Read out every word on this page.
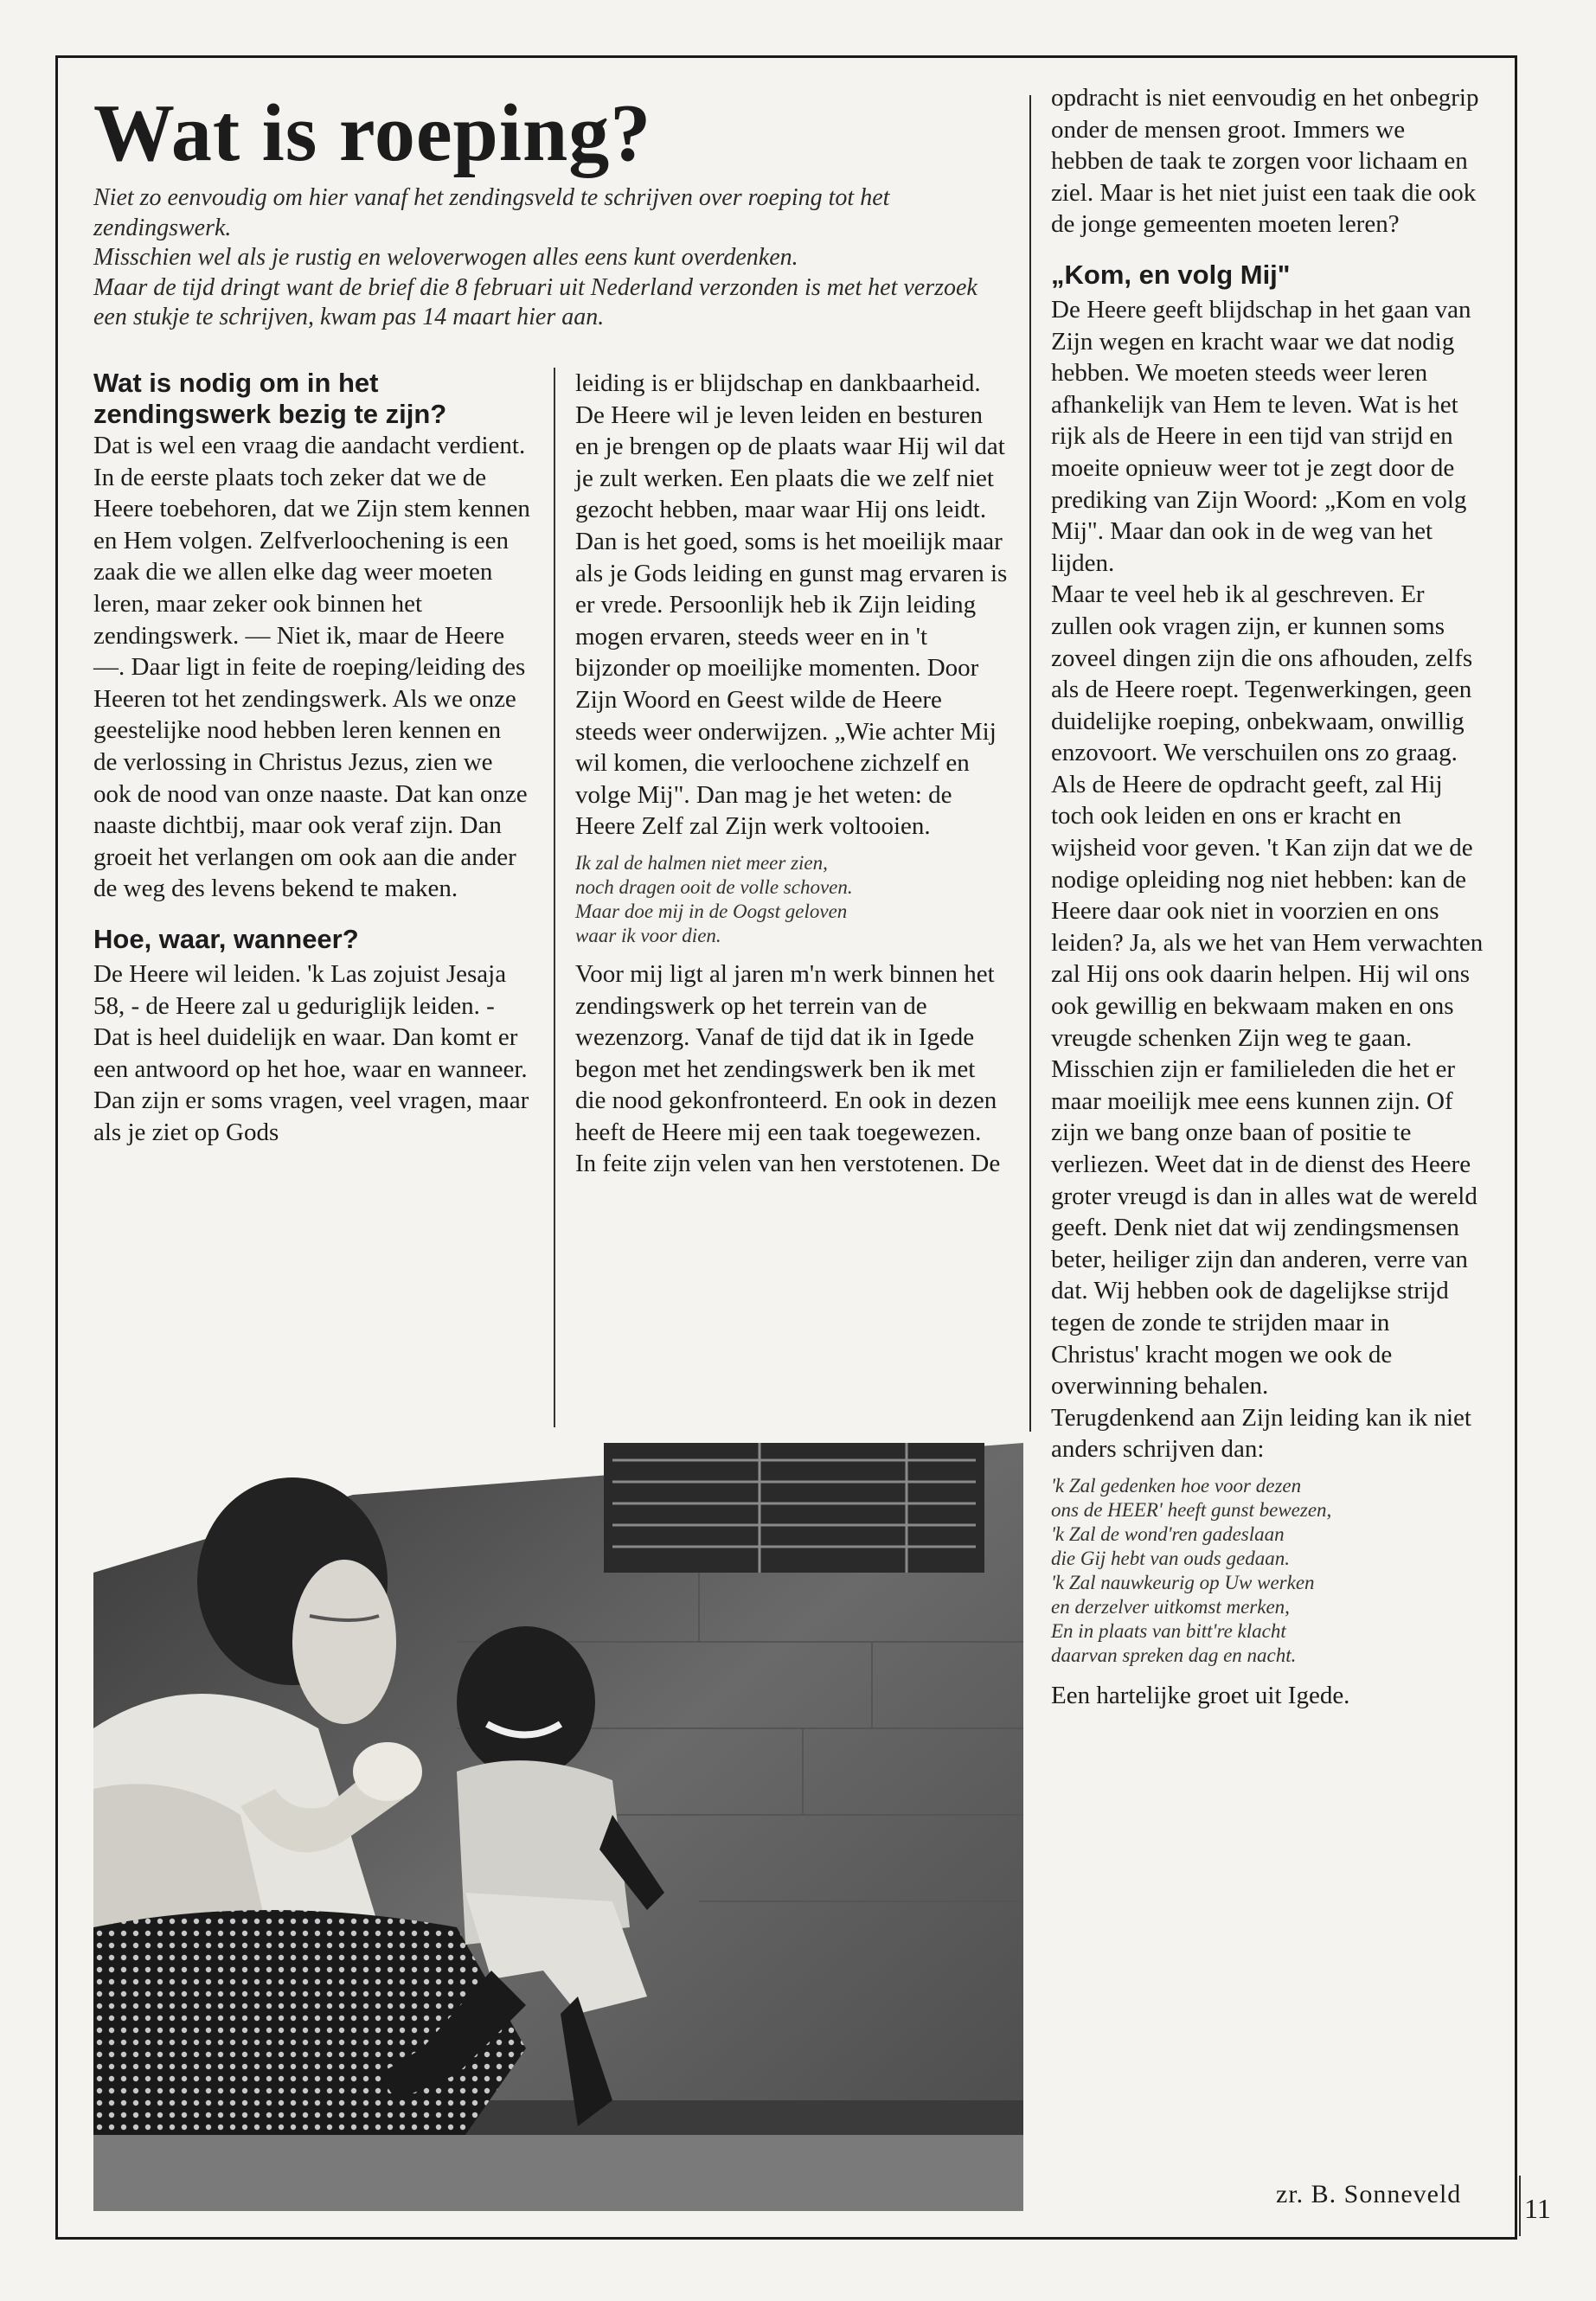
Wat is roeping?

Niet zo eenvoudig om hier vanaf het zendingsveld te schrijven over roeping tot het zendingswerk.

Misschien wel als je rustig en weloverwogen alles eens kunt overdenken.

Maar de tijd dringt want de brief die 8 februari uit Nederland verzonden is met het verzoek een stukje te schrijven, kwam pas 14 maart hier aan.

Wat is nodig om in het zendingswerk bezig te zijn?

Dat is wel een vraag die aandacht verdient. In de eerste plaats toch zeker dat we de Heere toebehoren, dat we Zijn stem kennen en Hem volgen. Zelfverloochening is een zaak die we allen elke dag weer moeten leren, maar zeker ook binnen het zendingswerk. — Niet ik, maar de Heere —. Daar ligt in feite de roeping/leiding des Heeren tot het zendingswerk. Als we onze geestelijke nood hebben leren kennen en de verlossing in Christus Jezus, zien we ook de nood van onze naaste. Dat kan onze naaste dichtbij, maar ook veraf zijn. Dan groeit het verlangen om ook aan die ander de weg des levens bekend te maken.

Hoe, waar, wanneer?

De Heere wil leiden. 'k Las zojuist Jesaja 58, - de Heere zal u geduriglijk leiden. - Dat is heel duidelijk en waar. Dan komt er een antwoord op het hoe, waar en wanneer.

Dan zijn er soms vragen, veel vragen, maar als je ziet op Gods

leiding is er blijdschap en dankbaarheid. De Heere wil je leven leiden en besturen en je brengen op de plaats waar Hij wil dat je zult werken. Een plaats die we zelf niet gezocht hebben, maar waar Hij ons leidt. Dan is het goed, soms is het moeilijk maar als je Gods leiding en gunst mag ervaren is er vrede. Persoonlijk heb ik Zijn leiding mogen ervaren, steeds weer en in 't bijzonder op moeilijke momenten. Door Zijn Woord en Geest wilde de Heere steeds weer onderwijzen. „Wie achter Mij wil komen, die verloochene zichzelf en volge Mij". Dan mag je het weten: de Heere Zelf zal Zijn werk voltooien.

Ik zal de halmen niet meer zien,
noch dragen ooit de volle schoven.
Maar doe mij in de Oogst geloven
waar ik voor dien.

Voor mij ligt al jaren m'n werk binnen het zendingswerk op het terrein van de wezenzorg. Vanaf de tijd dat ik in Igede begon met het zendingswerk ben ik met die nood gekonfronteerd. En ook in dezen heeft de Heere mij een taak toegewezen. In feite zijn velen van hen verstotenen. De

opdracht is niet eenvoudig en het onbegrip onder de mensen groot. Immers we hebben de taak te zorgen voor lichaam en ziel. Maar is het niet juist een taak die ook de jonge gemeenten moeten leren?

„Kom, en volg Mij"

De Heere geeft blijdschap in het gaan van Zijn wegen en kracht waar we dat nodig hebben. We moeten steeds weer leren afhankelijk van Hem te leven. Wat is het rijk als de Heere in een tijd van strijd en moeite opnieuw weer tot je zegt door de prediking van Zijn Woord: „Kom en volg Mij". Maar dan ook in de weg van het lijden.

Maar te veel heb ik al geschreven. Er zullen ook vragen zijn, er kunnen soms zoveel dingen zijn die ons afhouden, zelfs als de Heere roept. Tegenwerkingen, geen duidelijke roeping, onbekwaam, onwillig enzovoort. We verschuilen ons zo graag.

Als de Heere de opdracht geeft, zal Hij toch ook leiden en ons er kracht en wijsheid voor geven. 't Kan zijn dat we de nodige opleiding nog niet hebben: kan de Heere daar ook niet in voorzien en ons leiden? Ja, als we het van Hem verwachten zal Hij ons ook daarin helpen. Hij wil ons ook gewillig en bekwaam maken en ons vreugde schenken Zijn weg te gaan.

Misschien zijn er familieleden die het er maar moeilijk mee eens kunnen zijn. Of zijn we bang onze baan of positie te verliezen. Weet dat in de dienst des Heere groter vreugd is dan in alles wat de wereld geeft. Denk niet dat wij zendingsmensen beter, heiliger zijn dan anderen, verre van dat. Wij hebben ook de dagelijkse strijd tegen de zonde te strijden maar in Christus' kracht mogen we ook de overwinning behalen.

Terugdenkend aan Zijn leiding kan ik niet anders schrijven dan:

'k Zal gedenken hoe voor dezen
ons de HEER' heeft gunst bewezen,
'k Zal de wond'ren gadeslaan
die Gij hebt van ouds gedaan.
'k Zal nauwkeurig op Uw werken
en derzelver uitkomst merken,
En in plaats van bitt're klacht
daarvan spreken dag en nacht.

Een hartelijke groet uit Igede.

zr. B. Sonneveld 11
